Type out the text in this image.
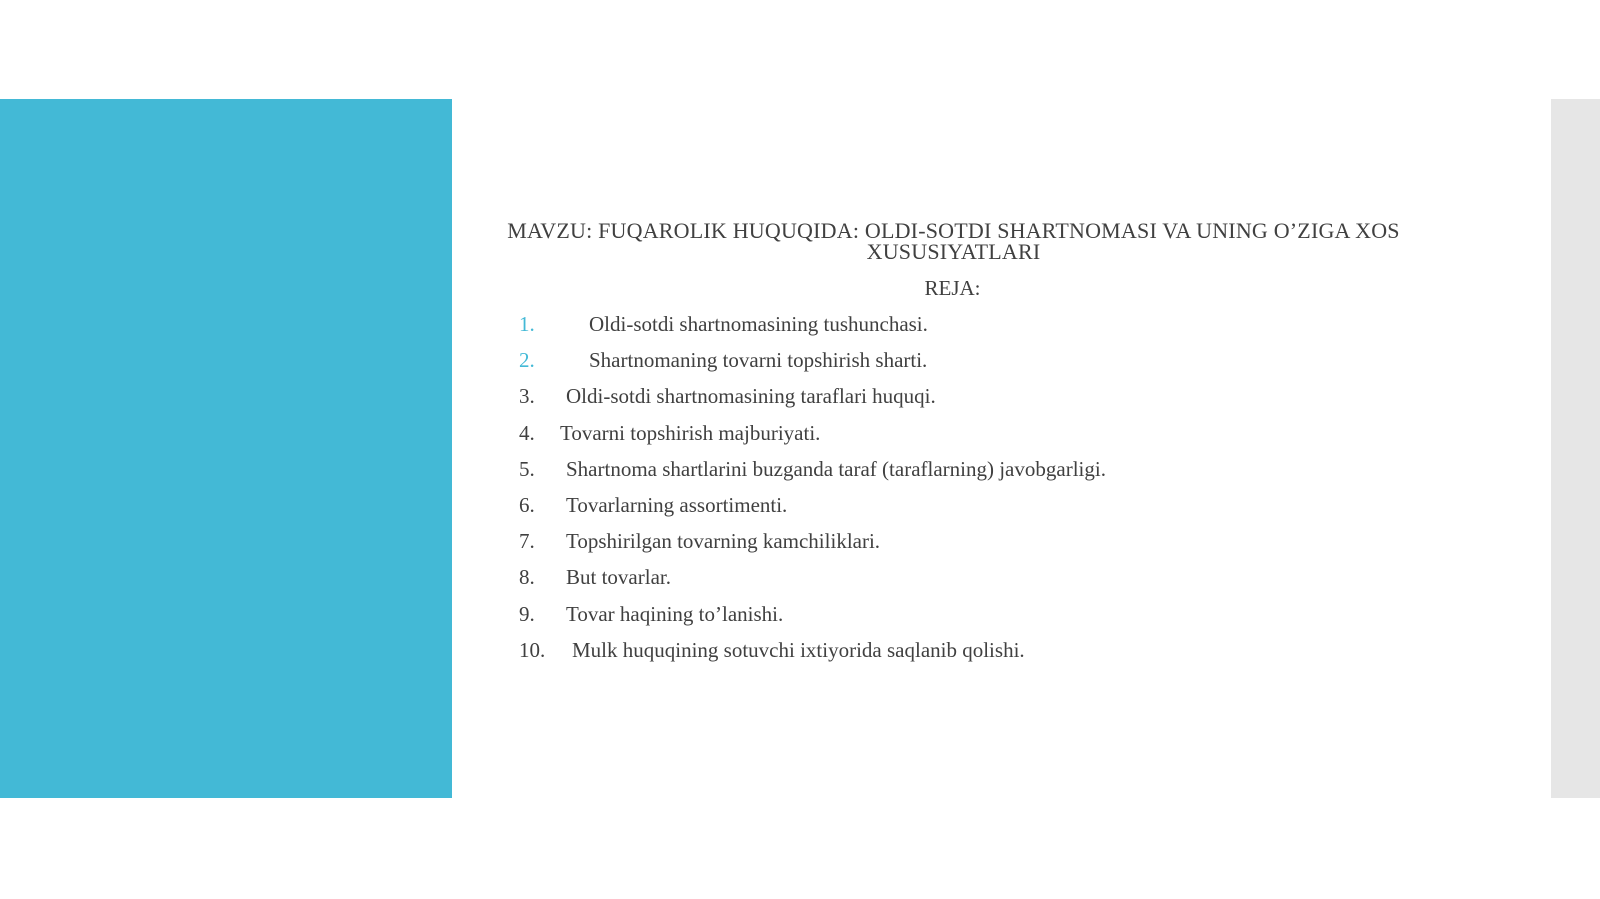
MAVZU: FUQAROLIK HUQUQIDA: OLDI-SOTDI SHARTNOMASI VA UNING O’ZIGA XOS XUSUSIYATLARI
REJA:
1.	Oldi-sotdi shartnomasining tushunchasi.
2.	Shartnomaning tovarni topshirish sharti.
3. Oldi-sotdi shartnomasining taraflari huquqi.
4. Tovarni topshirish majburiyati.
5. Shartnoma shartlarini buzganda taraf (taraflarning) javobgarligi.
6. Tovarlarning assortimenti.
7. Topshirilgan tovarning kamchiliklari.
8. But tovarlar.
9. Tovar haqining to’lanishi.
10. Mulk huquqining sotuvchi ixtiyorida saqlanib qolishi.
